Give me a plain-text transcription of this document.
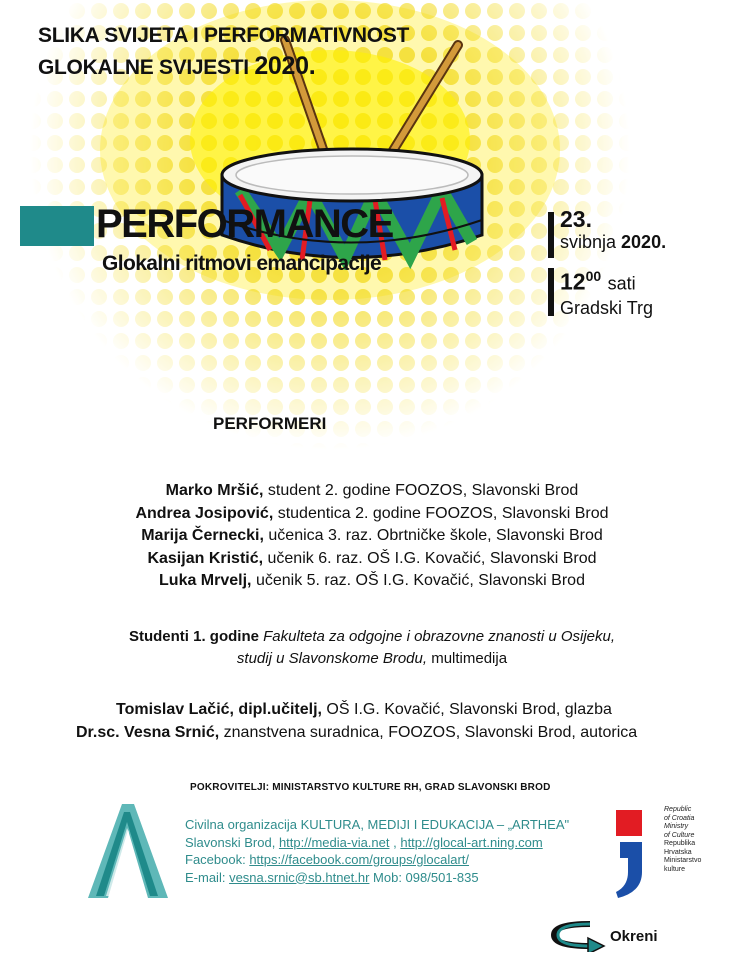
SLIKA SVIJETA I PERFORMATIVNOST
GLOKALNE SVIJESTI 2020.
PERFORMANCE
Glokalni ritmovi emancipacije
23.
svibnja 2020.
$12^{00}$ sati
Gradski Trg
PERFORMERI
Marko Mršić, student 2. godine FOOZOS, Slavonski Brod
Andrea Josipović, studentica 2. godine FOOZOS, Slavonski Brod
Marija Černecki, učenica 3. raz. Obrtničke škole, Slavonski Brod
Kasijan Kristić, učenik 6. raz. OŠ I.G. Kovačić, Slavonski Brod
Luka Mrvelj, učenik 5. raz. OŠ I.G. Kovačić, Slavonski Brod
Studenti 1. godine Fakulteta za odgojne i obrazovne znanosti u Osijeku,
studij u Slavonskome Brodu, multimedija
Tomislav Lačić, dipl.učitelj, OŠ I.G. Kovačić, Slavonski Brod, glazba
Dr.sc. Vesna Srnić, znanstvena suradnica, FOOZOS, Slavonski Brod, autorica
POKROVITELJI: MINISTARSTVO KULTURE RH, GRAD SLAVONSKI BROD
Civilna organizacija KULTURA, MEDIJI I EDUKACIJA – „ARTHEA"
Slavonski Brod, http://media-via.net , http://glocal-art.ning.com
Facebook: https://facebook.com/groups/glocalart/
E-mail: vesna.srnic@sb.htnet.hr Mob: 098/501-835
Republic
of Croatia
Ministry
of Culture
Republika
Hrvatska
Ministarstvo
kulture
Okreni
